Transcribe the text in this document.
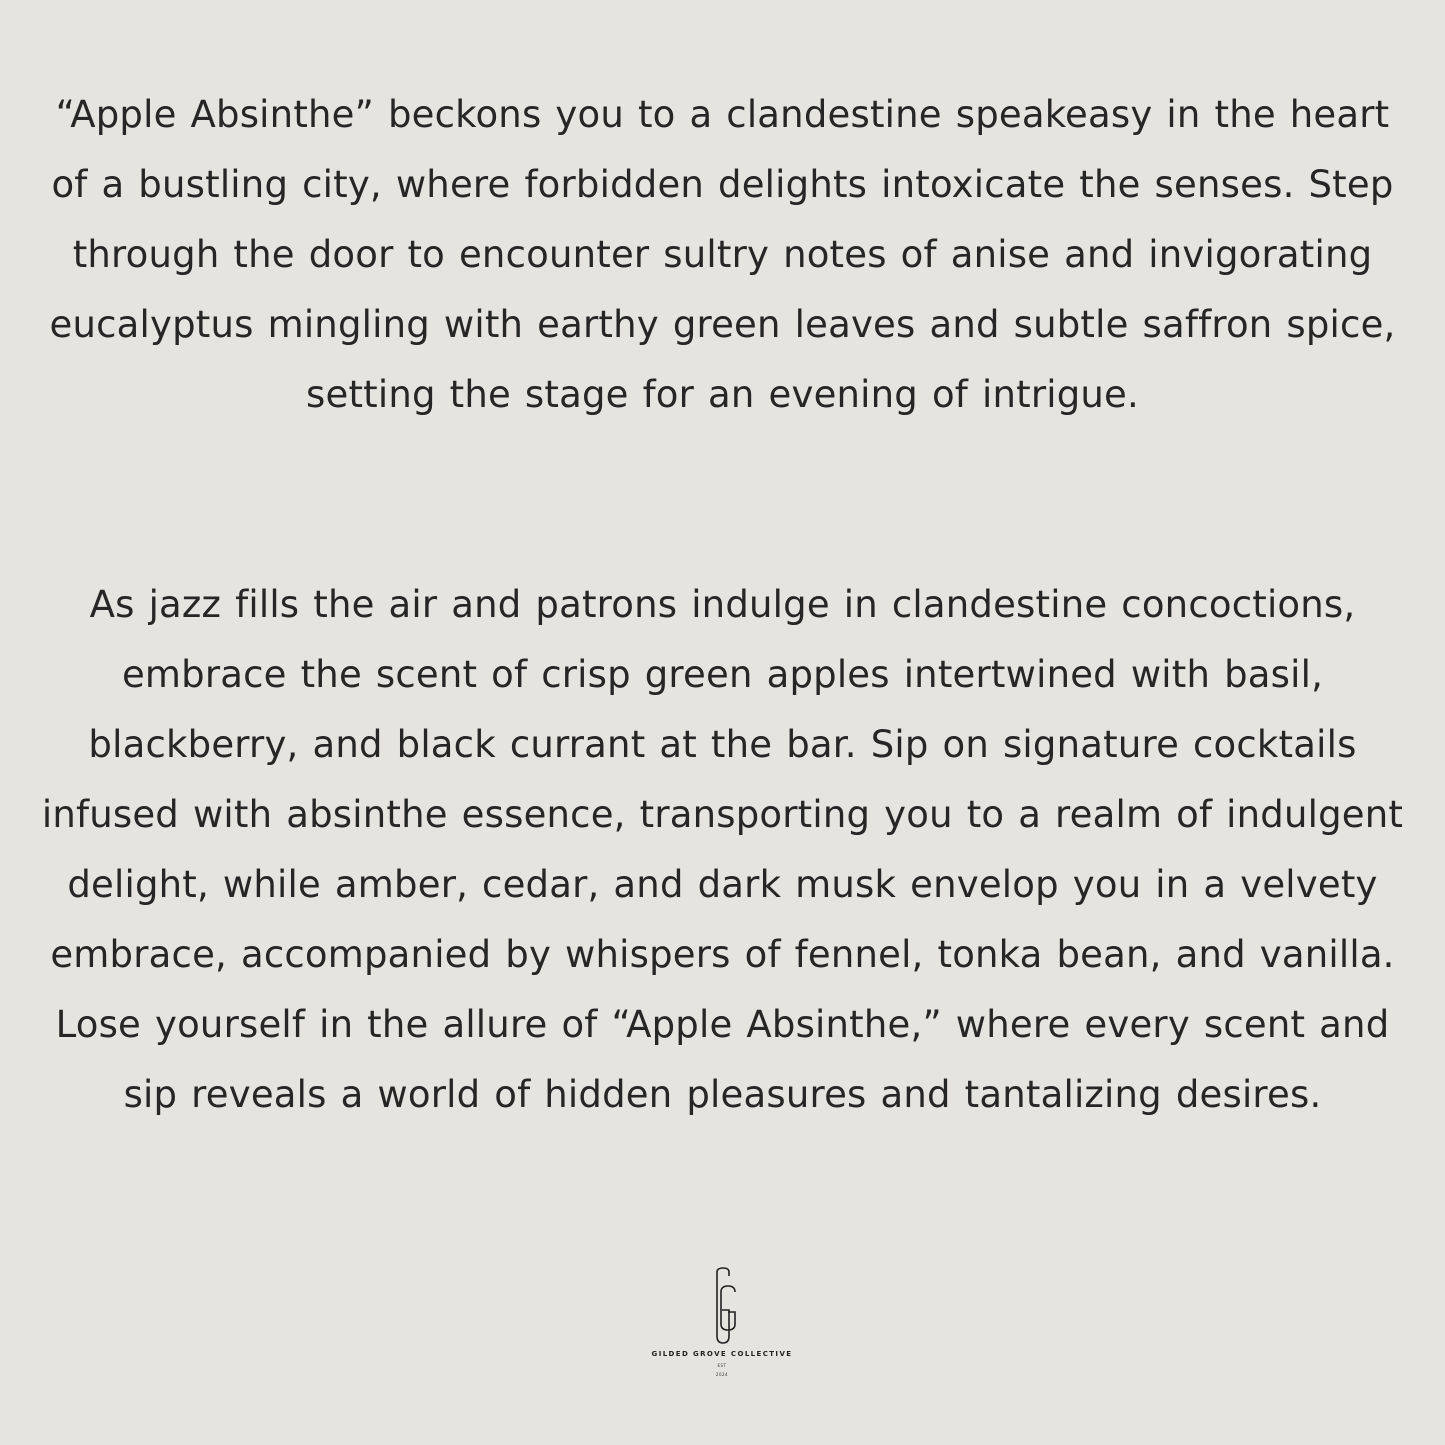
“Apple Absinthe” beckons you to a clandestine speakeasy in the heart of a bustling city, where forbidden delights intoxicate the senses. Step through the door to encounter sultry notes of anise and invigorating eucalyptus mingling with earthy green leaves and subtle saffron spice, setting the stage for an evening of intrigue.

As jazz fills the air and patrons indulge in clandestine concoctions, embrace the scent of crisp green apples intertwined with basil, blackberry, and black currant at the bar. Sip on signature cocktails infused with absinthe essence, transporting you to a realm of indulgent delight, while amber, cedar, and dark musk envelop you in a velvety embrace, accompanied by whispers of fennel, tonka bean, and vanilla. Lose yourself in the allure of “Apple Absinthe,” where every scent and sip reveals a world of hidden pleasures and tantalizing desires.

GILDED GROVE COLLECTIVE
EST
2024
